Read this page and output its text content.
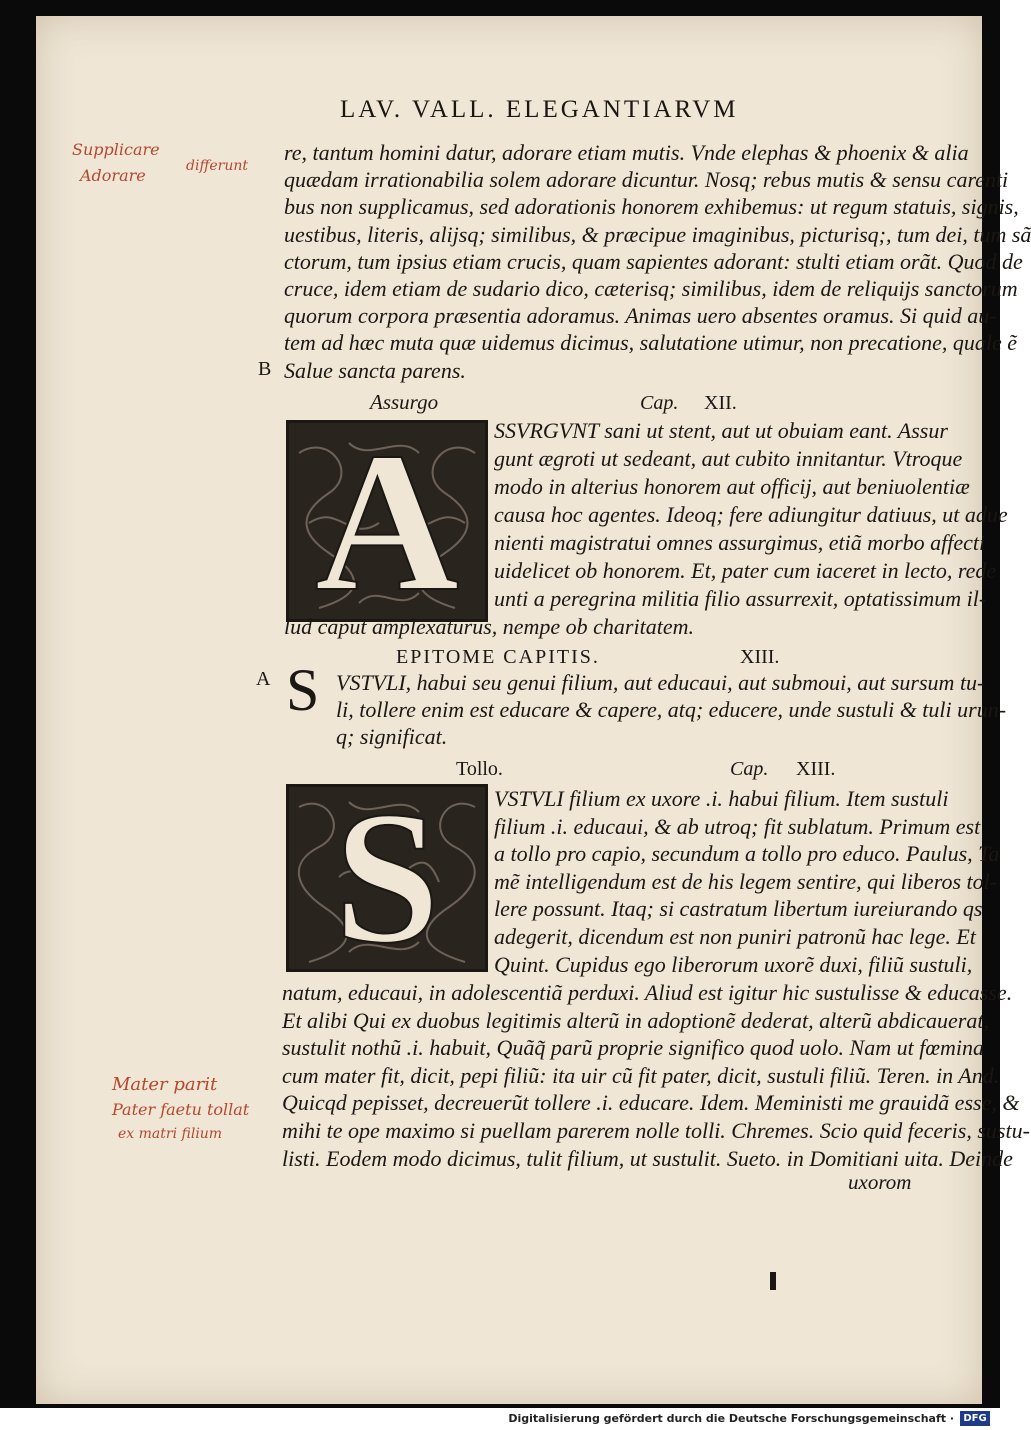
LAV. VALL. ELEGANTIARVM
Supplicare
Adorare	differunt
re, tantum homini datur, adorare etiam mutis. Vnde elephas & phoenix & alia
quædam irrationabilia solem adorare dicuntur. Nosq; rebus mutis & sensu carenti
bus non supplicamus, sed adorationis honorem exhibemus: ut regum statuis, signis,
uestibus, literis, alijsq; similibus, & præcipue imaginibus, picturisq;, tum dei, tum sã
ctorum, tum ipsius etiam crucis, quam sapientes adorant: stulti etiam orãt. Quod de
cruce, idem etiam de sudario dico, cæterisq; similibus, idem de reliquijs sanctorum
quorum corpora præsentia adoramus. Animas uero absentes oramus. Si quid au-
tem ad hæc muta quæ uidemus dicimus, salutatione utimur, non precatione, quale ẽ
Salue sancta parens.
B
Assurgo	Cap. XII.
A	SSVRGVNT sani ut stent, aut ut obuiam eant. Assur
gunt ægroti ut sedeant, aut cubito innitantur. Vtroque
modo in alterius honorem aut officij, aut beniuolentiæ
causa hoc agentes. Ideoq; fere adiungitur datiuus, ut adue
nienti magistratui omnes assurgimus, etiã morbo affecti
uidelicet ob honorem. Et, pater cum iaceret in lecto, rede
unti a peregrina militia filio assurrexit, optatissimum il-
lud caput amplexaturus, nempe ob charitatem.
EPITOME CAPITIS.	XIII.
A S VSTVLI, habui seu genui filium, aut educaui, aut submoui, aut sursum tu-
li, tollere enim est educare & capere, atq; educere, unde sustuli & tuli urun-
q; significat.
Tollo.	Cap. XIII.
S	VSTVLI filium ex uxore .i. habui filium. Item sustuli
filium .i. educaui, & ab utroq; fit sublatum. Primum est
a tollo pro capio, secundum a tollo pro educo. Paulus, Ta
mẽ intelligendum est de his legem sentire, qui liberos tol-
lere possunt. Itaq; si castratum libertum iureiurando qs
adegerit, dicendum est non puniri patronũ hac lege. Et
Quint. Cupidus ego liberorum uxorẽ duxi, filiũ sustuli,
natum, educaui, in adolescentiã perduxi. Aliud est igitur hic sustulisse & educasse.
Et alibi Qui ex duobus legitimis alterũ in adoptionẽ dederat, alterũ abdicauerat,
sustulit nothũ .i. habuit, Quãq̃ parũ proprie significo quod uolo. Nam ut fœmina
cum mater fit, dicit, pepi filiũ: ita uir cũ fit pater, dicit, sustuli filiũ. Teren. in And.
Quicqd pepisset, decreuerũt tollere .i. educare. Idem. Meministi me grauidã esse, &
mihi te ope maximo si puellam parerem nolle tolli. Chremes. Scio quid feceris, sustu-
listi. Eodem modo dicimus, tulit filium, ut sustulit. Sueto. in Domitiani uita. Deinde
uxorom
Mater parit
Pater faetu tollat
ex matri filium
Digitalisierung gefördert durch die Deutsche Forschungsgemeinschaft · DFG
